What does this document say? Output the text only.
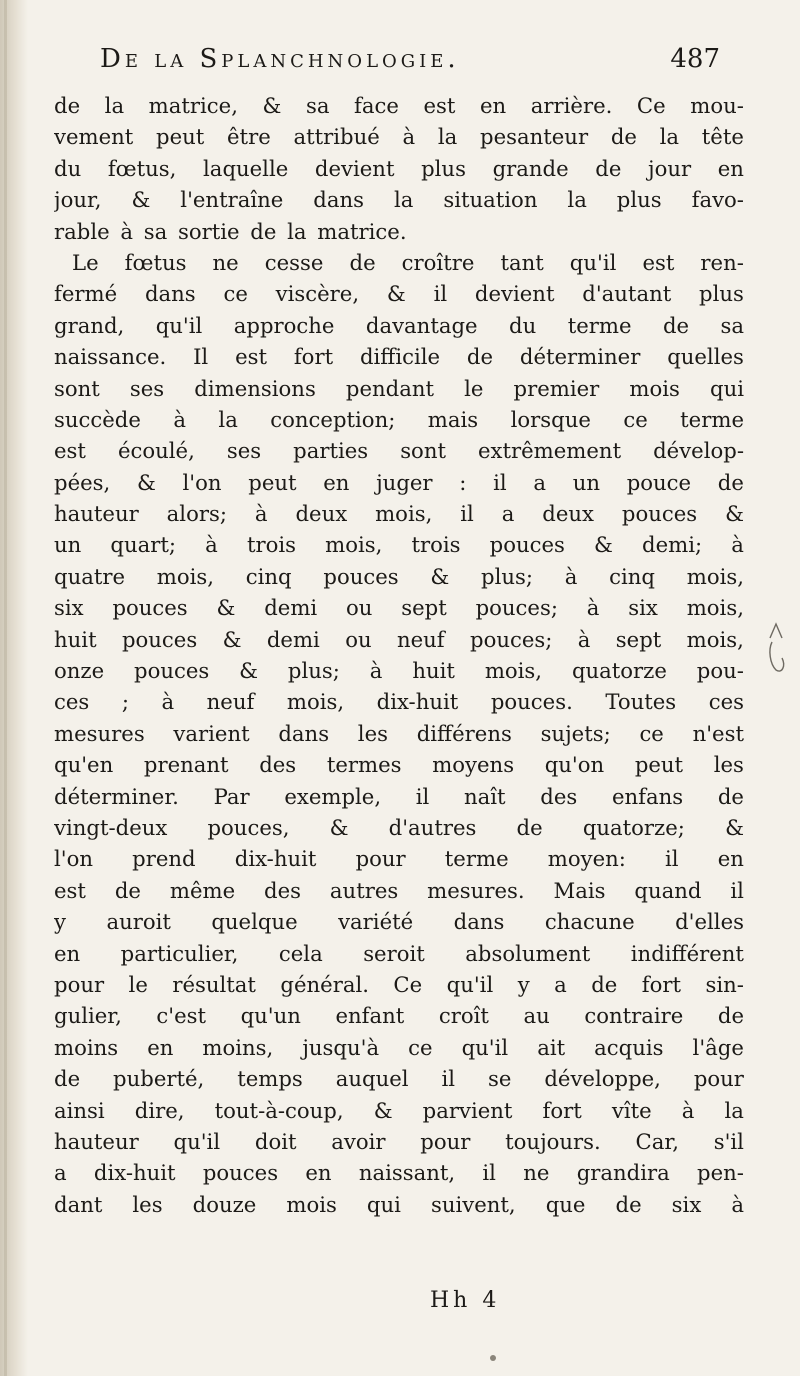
De la Splanchnologie.	487
de la matrice, & sa face est en arrière. Ce mou-
vement peut être attribué à la pesanteur de la tête
du fœtus, laquelle devient plus grande de jour en
jour, & l'entraîne dans la situation la plus favo-
rable à sa sortie de la matrice.
Le fœtus ne cesse de croître tant qu'il est ren-
fermé dans ce viscère, & il devient d'autant plus
grand, qu'il approche davantage du terme de sa
naissance. Il est fort difficile de déterminer quelles
sont ses dimensions pendant le premier mois qui
succède à la conception; mais lorsque ce terme
est écoulé, ses parties sont extrêmement dévelop-
pées, & l'on peut en juger : il a un pouce de
hauteur alors; à deux mois, il a deux pouces &
un quart; à trois mois, trois pouces & demi; à
quatre mois, cinq pouces & plus; à cinq mois,
six pouces & demi ou sept pouces; à six mois,
huit pouces & demi ou neuf pouces; à sept mois,
onze pouces & plus; à huit mois, quatorze pou-
ces ; à neuf mois, dix-huit pouces. Toutes ces
mesures varient dans les différens sujets; ce n'est
qu'en prenant des termes moyens qu'on peut les
déterminer. Par exemple, il naît des enfans de
vingt-deux pouces, & d'autres de quatorze; &
l'on prend dix-huit pour terme moyen: il en
est de même des autres mesures. Mais quand il
y auroit quelque variété dans chacune d'elles
en particulier, cela seroit absolument indifférent
pour le résultat général. Ce qu'il y a de fort sin-
gulier, c'est qu'un enfant croît au contraire de
moins en moins, jusqu'à ce qu'il ait acquis l'âge
de puberté, temps auquel il se développe, pour
ainsi dire, tout-à-coup, & parvient fort vîte à la
hauteur qu'il doit avoir pour toujours. Car, s'il
a dix-huit pouces en naissant, il ne grandira pen-
dant les douze mois qui suivent, que de six à
Hh 4
